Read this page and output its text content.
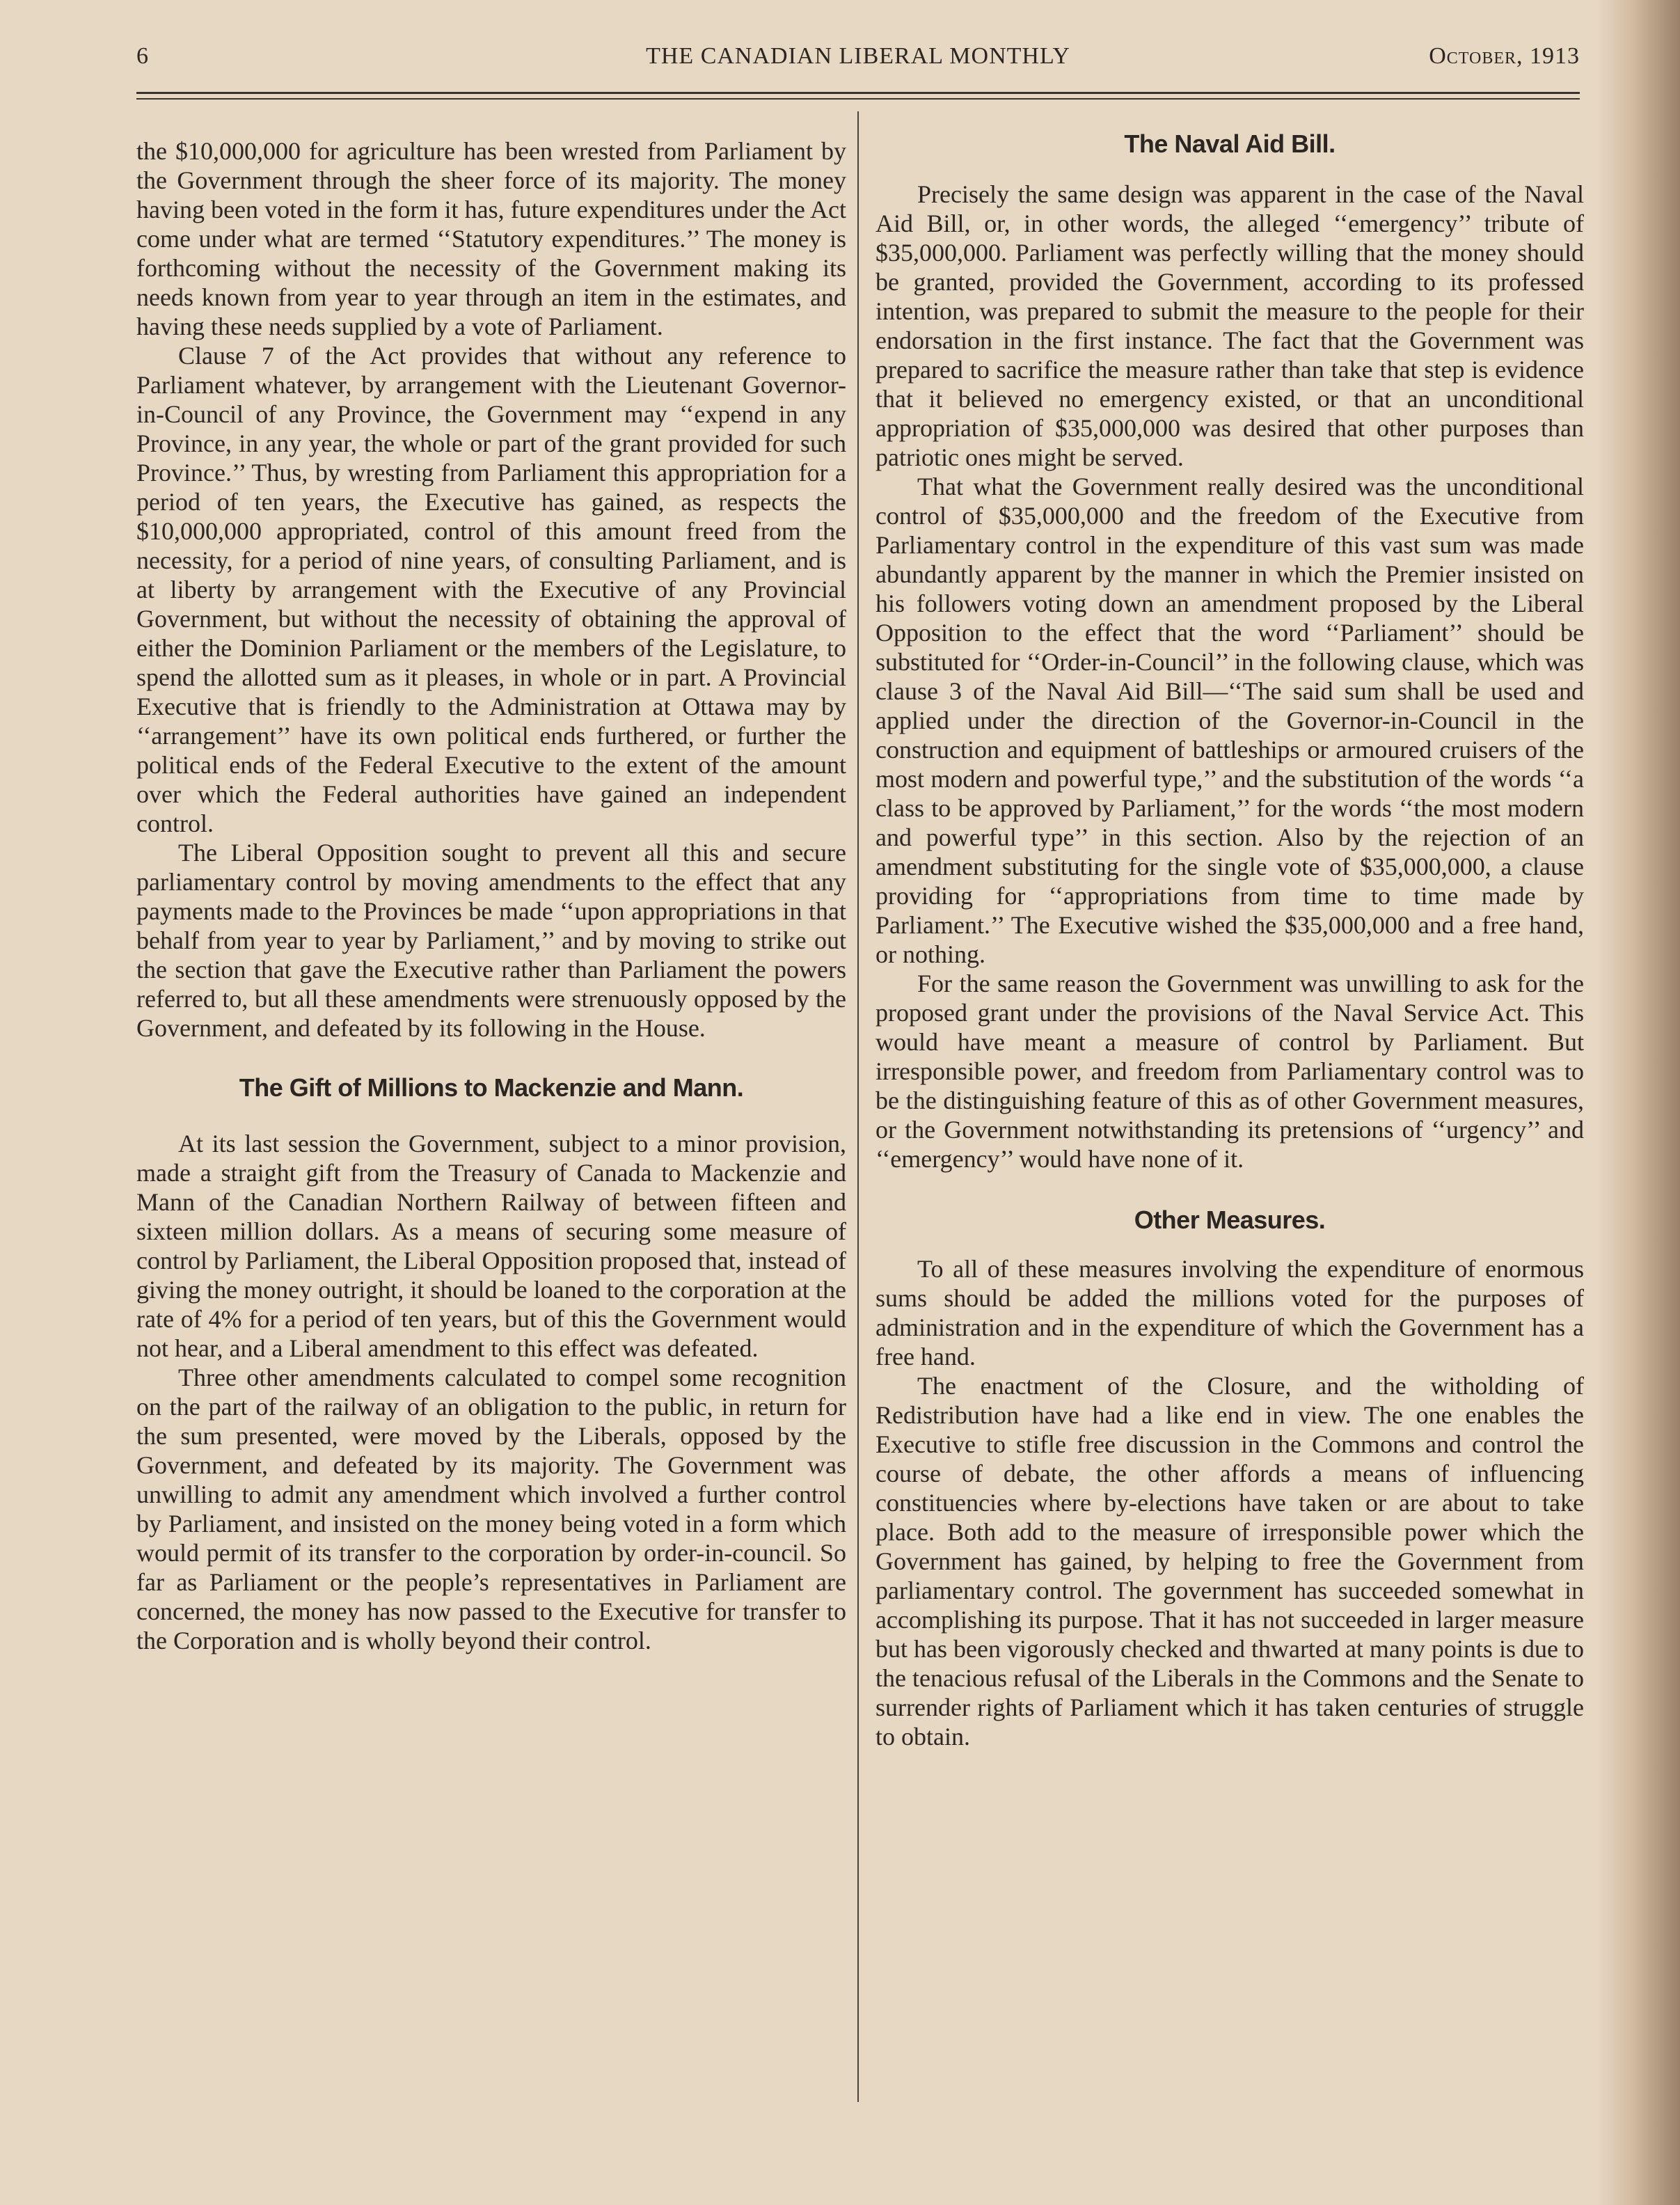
6	THE CANADIAN LIBERAL MONTHLY	October, 1913

the $10,000,000 for agriculture has been wrested from Parliament by the Government through the sheer force of its majority. The money having been voted in the form it has, future expenditures under the Act come under what are termed ‘‘Statutory expenditures.’’ The money is forthcoming without the necessity of the Government making its needs known from year to year through an item in the estimates, and having these needs supplied by a vote of Parliament.

Clause 7 of the Act provides that without any reference to Parliament whatever, by arrangement with the Lieutenant Governor-in-Council of any Province, the Government may ‘‘expend in any Province, in any year, the whole or part of the grant provided for such Province.’’ Thus, by wresting from Parliament this appropriation for a period of ten years, the Executive has gained, as respects the $10,000,000 appropriated, control of this amount freed from the necessity, for a period of nine years, of consulting Parliament, and is at liberty by arrangement with the Executive of any Provincial Government, but without the necessity of obtaining the approval of either the Dominion Parliament or the members of the Legislature, to spend the allotted sum as it pleases, in whole or in part. A Provincial Executive that is friendly to the Administration at Ottawa may by ‘‘arrangement’’ have its own political ends furthered, or further the political ends of the Federal Executive to the extent of the amount over which the Federal authorities have gained an independent control.

The Liberal Opposition sought to prevent all this and secure parliamentary control by moving amendments to the effect that any payments made to the Provinces be made ‘‘upon appropriations in that behalf from year to year by Parliament,’’ and by moving to strike out the section that gave the Executive rather than Parliament the powers referred to, but all these amendments were strenuously opposed by the Government, and defeated by its following in the House.

The Gift of Millions to Mackenzie and Mann.

At its last session the Government, subject to a minor provision, made a straight gift from the Treasury of Canada to Mackenzie and Mann of the Canadian Northern Railway of between fifteen and sixteen million dollars. As a means of securing some measure of control by Parliament, the Liberal Opposition proposed that, instead of giving the money outright, it should be loaned to the corporation at the rate of 4% for a period of ten years, but of this the Government would not hear, and a Liberal amendment to this effect was defeated.

Three other amendments calculated to compel some recognition on the part of the railway of an obligation to the public, in return for the sum presented, were moved by the Liberals, opposed by the Government, and defeated by its majority. The Government was unwilling to admit any amendment which involved a further control by Parliament, and insisted on the money being voted in a form which would permit of its transfer to the corporation by order-in-council. So far as Parliament or the people’s representatives in Parliament are concerned, the money has now passed to the Executive for transfer to the Corporation and is wholly beyond their control.

The Naval Aid Bill.

Precisely the same design was apparent in the case of the Naval Aid Bill, or, in other words, the alleged ‘‘emergency’’ tribute of $35,000,000. Parliament was perfectly willing that the money should be granted, provided the Government, according to its professed intention, was prepared to submit the measure to the people for their endorsation in the first instance. The fact that the Government was prepared to sacrifice the measure rather than take that step is evidence that it believed no emergency existed, or that an unconditional appropriation of $35,000,000 was desired that other purposes than patriotic ones might be served.

That what the Government really desired was the unconditional control of $35,000,000 and the freedom of the Executive from Parliamentary control in the expenditure of this vast sum was made abundantly apparent by the manner in which the Premier insisted on his followers voting down an amendment proposed by the Liberal Opposition to the effect that the word ‘‘Parliament’’ should be substituted for ‘‘Order-in-Council’’ in the following clause, which was clause 3 of the Naval Aid Bill—‘‘The said sum shall be used and applied under the direction of the Governor-in-Council in the construction and equipment of battleships or armoured cruisers of the most modern and powerful type,’’ and the substitution of the words ‘‘a class to be approved by Parliament,’’ for the words ‘‘the most modern and powerful type’’ in this section. Also by the rejection of an amendment substituting for the single vote of $35,000,000, a clause providing for ‘‘appropriations from time to time made by Parliament.’’ The Executive wished the $35,000,000 and a free hand, or nothing.

For the same reason the Government was unwilling to ask for the proposed grant under the provisions of the Naval Service Act. This would have meant a measure of control by Parliament. But irresponsible power, and freedom from Parliamentary control was to be the distinguishing feature of this as of other Government measures, or the Government notwithstanding its pretensions of ‘‘urgency’’ and ‘‘emergency’’ would have none of it.

Other Measures.

To all of these measures involving the expenditure of enormous sums should be added the millions voted for the purposes of administration and in the expenditure of which the Government has a free hand.

The enactment of the Closure, and the witholding of Redistribution have had a like end in view. The one enables the Executive to stifle free discussion in the Commons and control the course of debate, the other affords a means of influencing constituencies where by-elections have taken or are about to take place. Both add to the measure of irresponsible power which the Government has gained, by helping to free the Government from parliamentary control. The government has succeeded somewhat in accomplishing its purpose. That it has not succeeded in larger measure but has been vigorously checked and thwarted at many points is due to the tenacious refusal of the Liberals in the Commons and the Senate to surrender rights of Parliament which it has taken centuries of struggle to obtain.
